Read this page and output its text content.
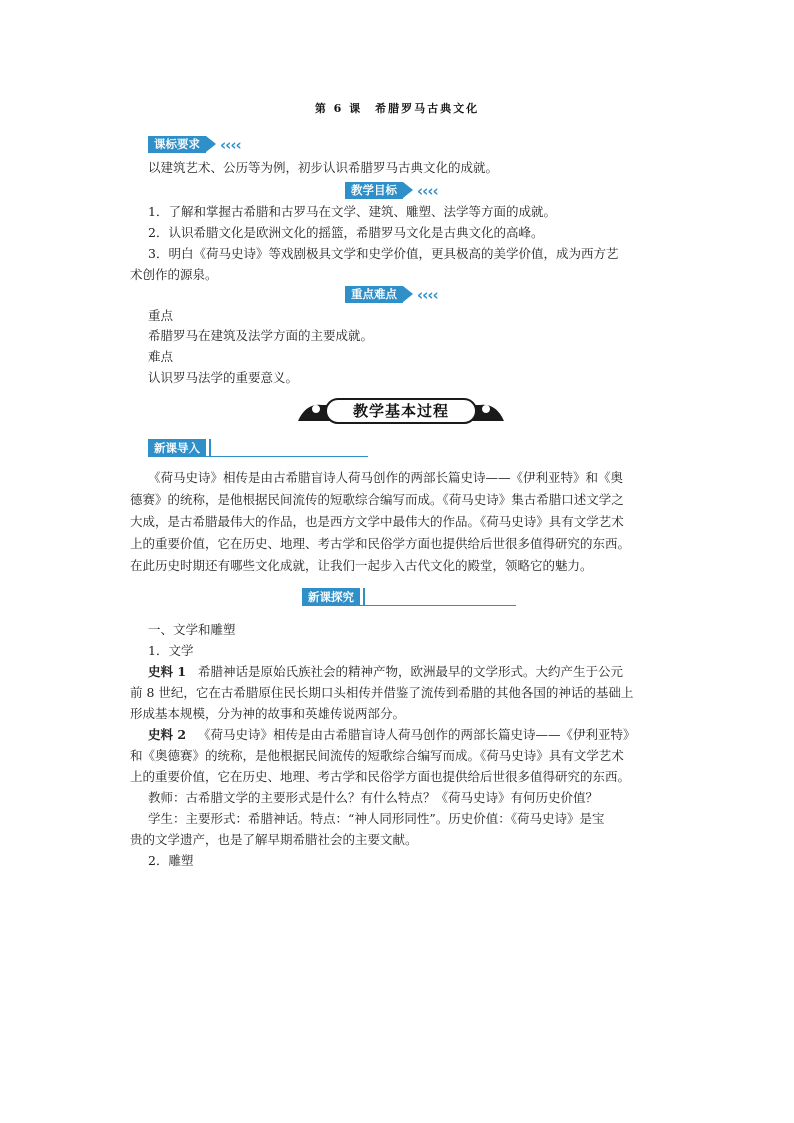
第 6 课　希腊罗马古典文化
课标要求	‹‹‹‹
以建筑艺术、公历等为例，初步认识希腊罗马古典文化的成就。
教学目标	‹‹‹‹
1．了解和掌握古希腊和古罗马在文学、建筑、雕塑、法学等方面的成就。
2．认识希腊文化是欧洲文化的摇篮，希腊罗马文化是古典文化的高峰。
3．明白《荷马史诗》等戏剧极具文学和史学价值，更具极高的美学价值，成为西方艺
术创作的源泉。
重点难点	‹‹‹‹
重点
希腊罗马在建筑及法学方面的主要成就。
难点
认识罗马法学的重要意义。
教学基本过程
新课导入
《荷马史诗》相传是由古希腊盲诗人荷马创作的两部长篇史诗——《伊利亚特》和《奥
德赛》的统称，是他根据民间流传的短歌综合编写而成。《荷马史诗》集古希腊口述文学之
大成，是古希腊最伟大的作品，也是西方文学中最伟大的作品。《荷马史诗》具有文学艺术
上的重要价值，它在历史、地理、考古学和民俗学方面也提供给后世很多值得研究的东西。
在此历史时期还有哪些文化成就，让我们一起步入古代文化的殿堂，领略它的魅力。
新课探究
一、文学和雕塑
1．文学
史料 1 希腊神话是原始氏族社会的精神产物，欧洲最早的文学形式。大约产生于公元
前 8 世纪，它在古希腊原住民长期口头相传并借鉴了流传到希腊的其他各国的神话的基础上
形成基本规模，分为神的故事和英雄传说两部分。
史料 2 《荷马史诗》相传是由古希腊盲诗人荷马创作的两部长篇史诗——《伊利亚特》
和《奥德赛》的统称，是他根据民间流传的短歌综合编写而成。《荷马史诗》具有文学艺术
上的重要价值，它在历史、地理、考古学和民俗学方面也提供给后世很多值得研究的东西。
教师：古希腊文学的主要形式是什么？有什么特点？《荷马史诗》有何历史价值？
学生：主要形式：希腊神话。特点：“神人同形同性”。历史价值：《荷马史诗》是宝
贵的文学遗产，也是了解早期希腊社会的主要文献。
2．雕塑
